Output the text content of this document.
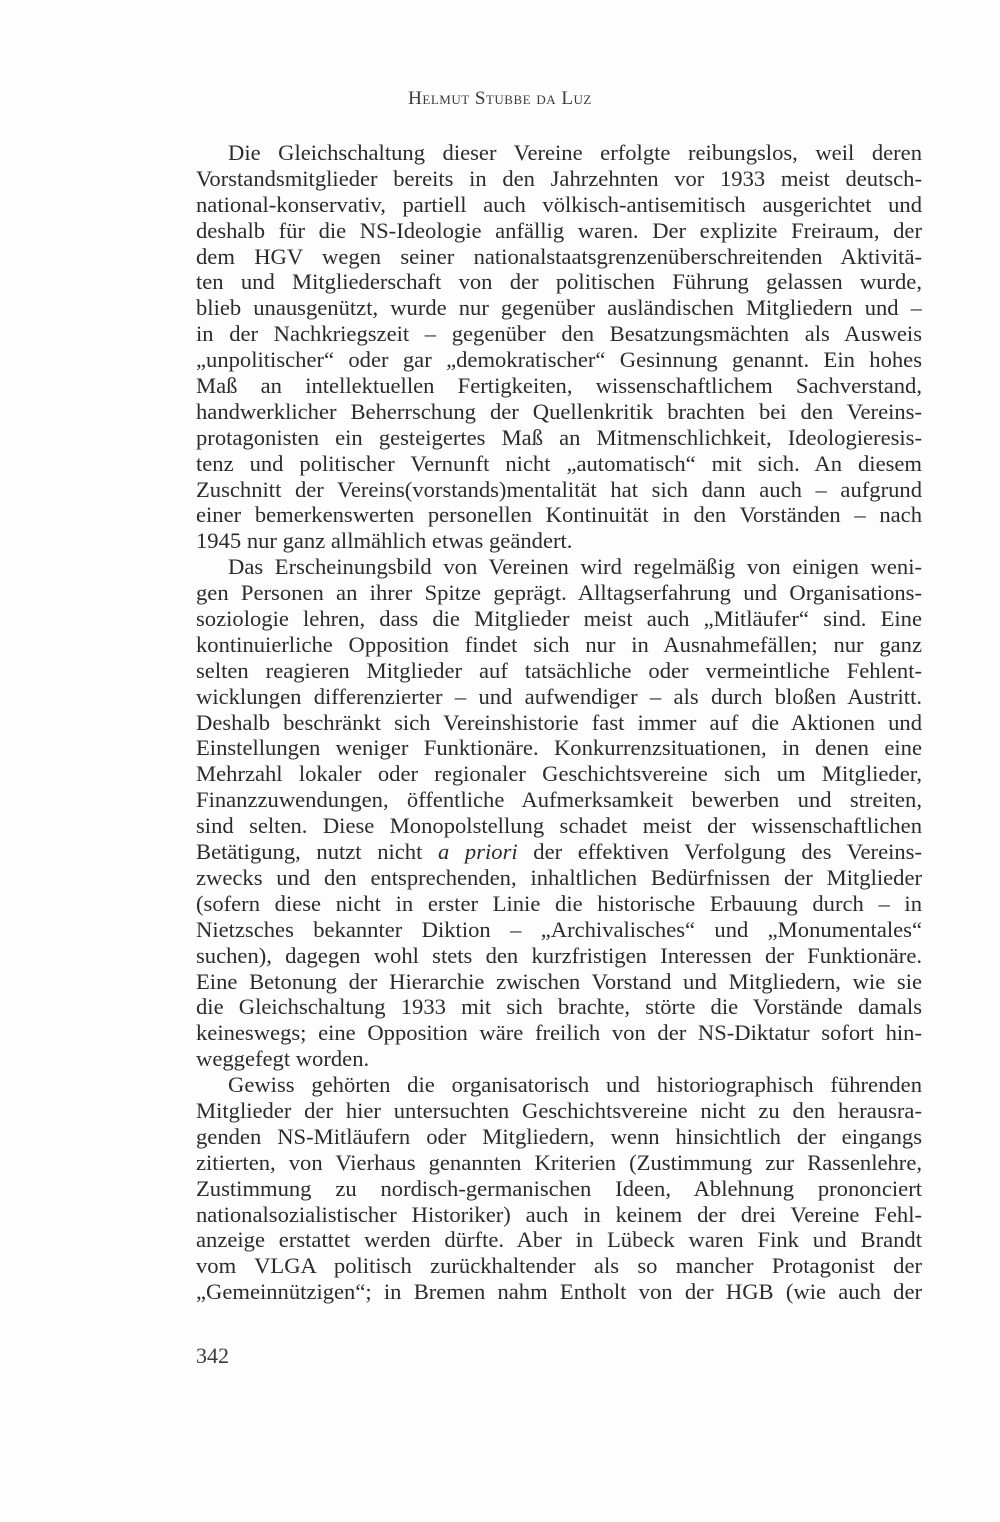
Helmut Stubbe da Luz
Die Gleichschaltung dieser Vereine erfolgte reibungslos, weil deren
Vorstandsmitglieder bereits in den Jahrzehnten vor 1933 meist deutsch-
national-konservativ, partiell auch völkisch-antisemitisch ausgerichtet und
deshalb für die NS-Ideologie anfällig waren. Der explizite Freiraum, der
dem HGV wegen seiner nationalstaatsgrenzenüberschreitenden Aktivitä-
ten und Mitgliederschaft von der politischen Führung gelassen wurde,
blieb unausgenützt, wurde nur gegenüber ausländischen Mitgliedern und –
in der Nachkriegszeit – gegenüber den Besatzungsmächten als Ausweis
„unpolitischer“ oder gar „demokratischer“ Gesinnung genannt. Ein hohes
Maß an intellektuellen Fertigkeiten, wissenschaftlichem Sachverstand,
handwerklicher Beherrschung der Quellenkritik brachten bei den Vereins-
protagonisten ein gesteigertes Maß an Mitmenschlichkeit, Ideologieresis-
tenz und politischer Vernunft nicht „automatisch“ mit sich. An diesem
Zuschnitt der Vereins(vorstands)mentalität hat sich dann auch – aufgrund
einer bemerkenswerten personellen Kontinuität in den Vorständen – nach
1945 nur ganz allmählich etwas geändert.
Das Erscheinungsbild von Vereinen wird regelmäßig von einigen weni-
gen Personen an ihrer Spitze geprägt. Alltagserfahrung und Organisations-
soziologie lehren, dass die Mitglieder meist auch „Mitläufer“ sind. Eine
kontinuierliche Opposition findet sich nur in Ausnahmefällen; nur ganz
selten reagieren Mitglieder auf tatsächliche oder vermeintliche Fehlent-
wicklungen differenzierter – und aufwendiger – als durch bloßen Austritt.
Deshalb beschränkt sich Vereinshistorie fast immer auf die Aktionen und
Einstellungen weniger Funktionäre. Konkurrenzsituationen, in denen eine
Mehrzahl lokaler oder regionaler Geschichtsvereine sich um Mitglieder,
Finanzzuwendungen, öffentliche Aufmerksamkeit bewerben und streiten,
sind selten. Diese Monopolstellung schadet meist der wissenschaftlichen
Betätigung, nutzt nicht a priori der effektiven Verfolgung des Vereins-
zwecks und den entsprechenden, inhaltlichen Bedürfnissen der Mitglieder
(sofern diese nicht in erster Linie die historische Erbauung durch – in
Nietzsches bekannter Diktion – „Archivalisches“ und „Monumentales“
suchen), dagegen wohl stets den kurzfristigen Interessen der Funktionäre.
Eine Betonung der Hierarchie zwischen Vorstand und Mitgliedern, wie sie
die Gleichschaltung 1933 mit sich brachte, störte die Vorstände damals
keineswegs; eine Opposition wäre freilich von der NS-Diktatur sofort hin-
weggefegt worden.
Gewiss gehörten die organisatorisch und historiographisch führenden
Mitglieder der hier untersuchten Geschichtsvereine nicht zu den herausra-
genden NS-Mitläufern oder Mitgliedern, wenn hinsichtlich der eingangs
zitierten, von Vierhaus genannten Kriterien (Zustimmung zur Rassenlehre,
Zustimmung zu nordisch-germanischen Ideen, Ablehnung prononciert
nationalsozialistischer Historiker) auch in keinem der drei Vereine Fehl-
anzeige erstattet werden dürfte. Aber in Lübeck waren Fink und Brandt
vom VLGA politisch zurückhaltender als so mancher Protagonist der
„Gemeinnützigen“; in Bremen nahm Entholt von der HGB (wie auch der
342
